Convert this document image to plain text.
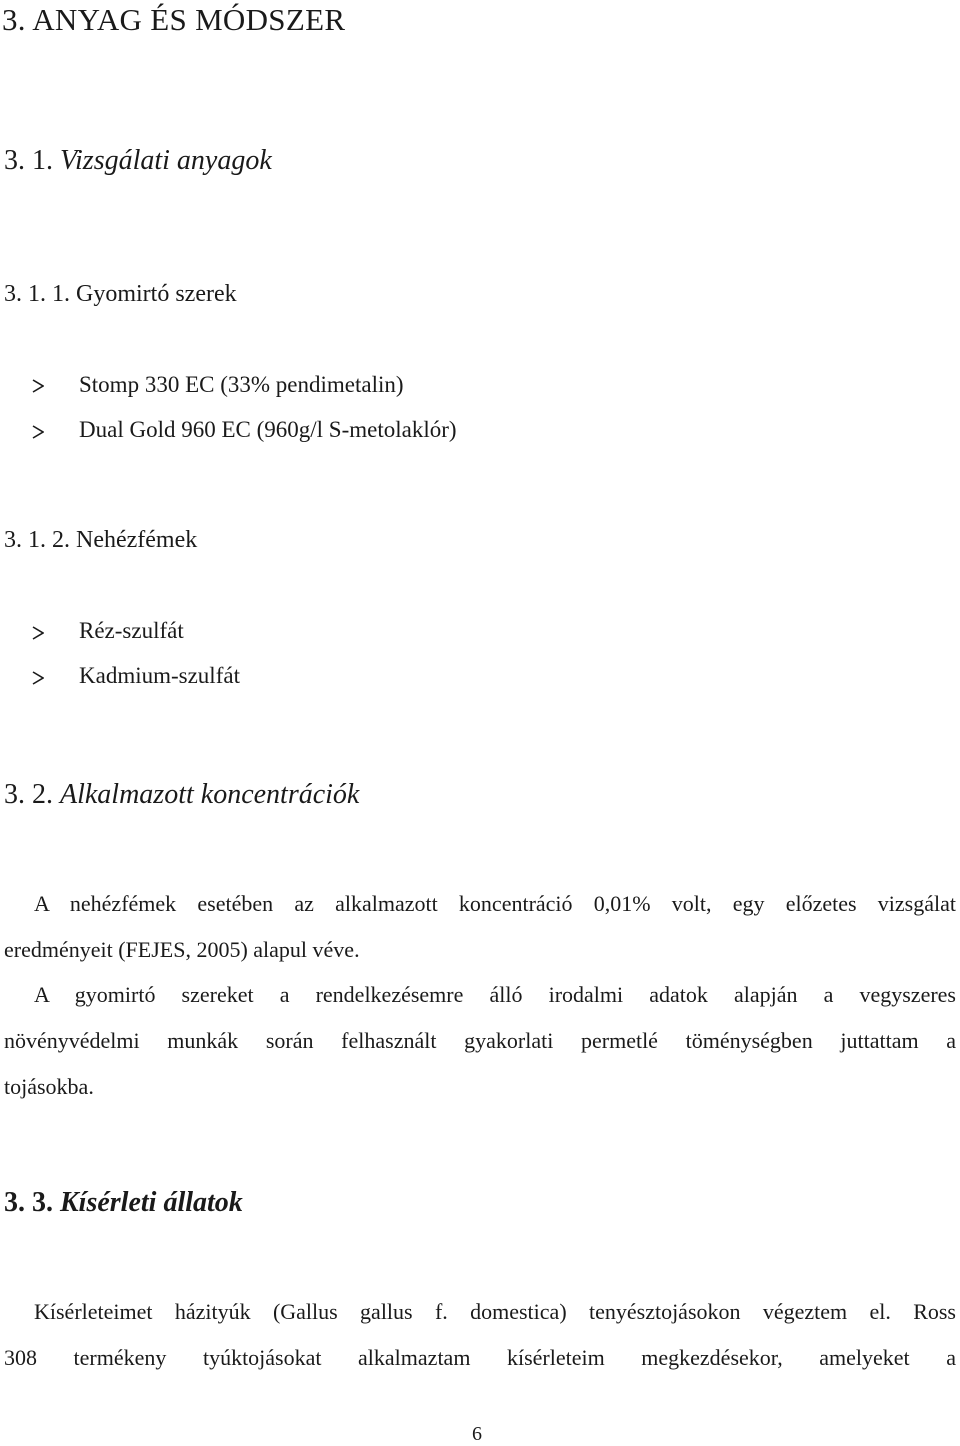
3. ANYAG ÉS MÓDSZER
3. 1. Vizsgálati anyagok
3. 1. 1. Gyomirtó szerek
Stomp 330 EC (33% pendimetalin)
Dual Gold 960 EC (960g/l S-metolaklór)
3. 1. 2. Nehézfémek
Réz-szulfát
Kadmium-szulfát
3. 2. Alkalmazott koncentrációk
A nehézfémek esetében az alkalmazott koncentráció 0,01% volt, egy előzetes vizsgálat
eredményeit (FEJES, 2005) alapul véve.
A gyomirtó szereket a rendelkezésemre álló irodalmi adatok alapján a vegyszeres
növényvédelmi munkák során felhasznált gyakorlati permetlé töménységben juttattam a
tojásokba.
3. 3. Kísérleti állatok
Kísérleteimet házityúk (Gallus gallus f. domestica) tenyésztojásokon végeztem el. Ross
308 termékeny tyúktojásokat alkalmaztam kísérleteim megkezdésekor, amelyeket a
6
